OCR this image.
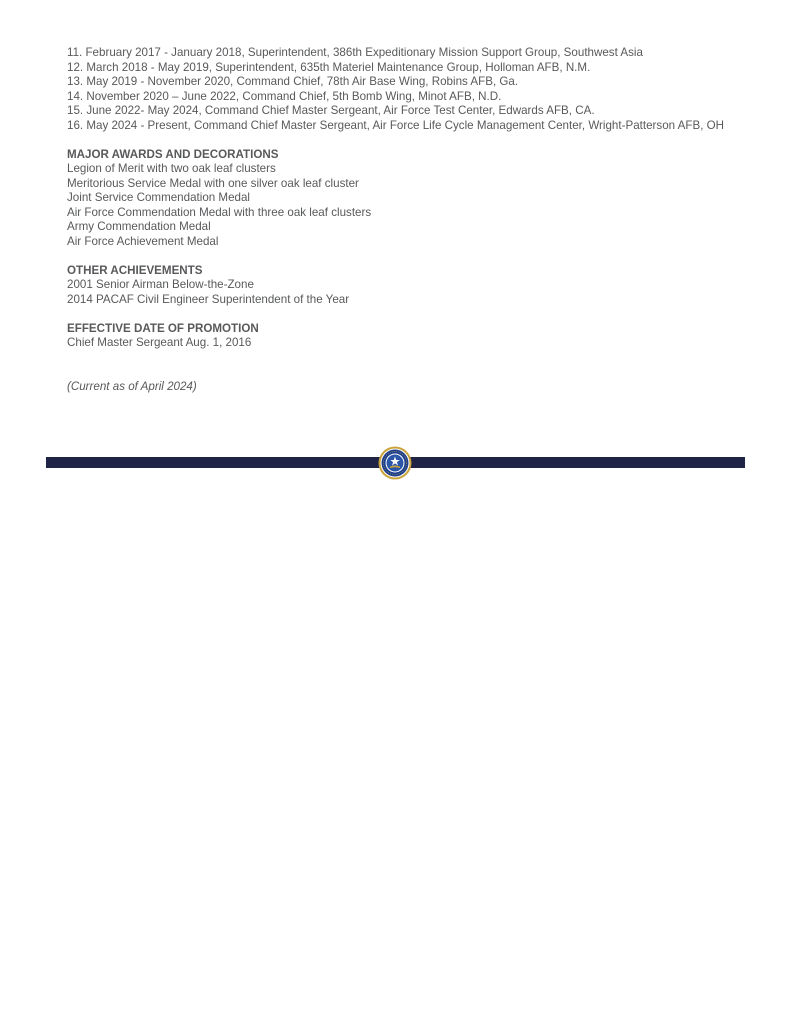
11. February 2017 - January 2018, Superintendent, 386th Expeditionary Mission Support Group, Southwest Asia
12. March 2018 - May 2019, Superintendent, 635th Materiel Maintenance Group, Holloman AFB, N.M.
13. May 2019 - November 2020, Command Chief, 78th Air Base Wing, Robins AFB, Ga.
14. November 2020 – June 2022, Command Chief, 5th Bomb Wing, Minot AFB, N.D.
15. June 2022- May 2024, Command Chief Master Sergeant, Air Force Test Center, Edwards AFB, CA.
16. May 2024 - Present, Command Chief Master Sergeant, Air Force Life Cycle Management Center, Wright-Patterson AFB, OH
MAJOR AWARDS AND DECORATIONS
Legion of Merit with two oak leaf clusters
Meritorious Service Medal with one silver oak leaf cluster
Joint Service Commendation Medal
Air Force Commendation Medal with three oak leaf clusters
Army Commendation Medal
Air Force Achievement Medal
OTHER ACHIEVEMENTS
2001 Senior Airman Below-the-Zone
2014 PACAF Civil Engineer Superintendent of the Year
EFFECTIVE DATE OF PROMOTION
Chief Master Sergeant Aug. 1, 2016
(Current as of April 2024)
